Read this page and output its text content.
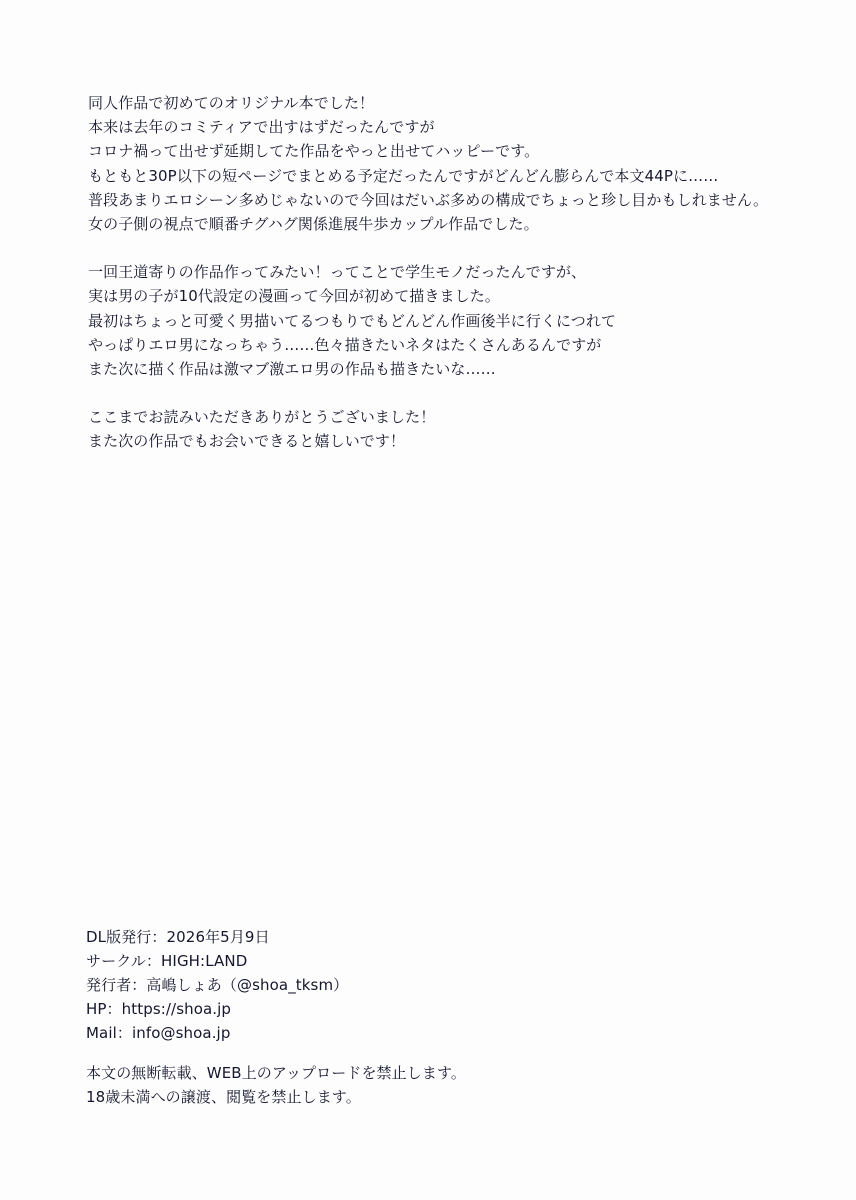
同人作品で初めてのオリジナル本でした！
本来は去年のコミティアで出すはずだったんですが
コロナ禍って出せず延期してた作品をやっと出せてハッピーです。
もともと30P以下の短ページでまとめる予定だったんですがどんどん膨らんで本文44Pに……
普段あまりエロシーン多めじゃないので今回はだいぶ多めの構成でちょっと珍し目かもしれません。
女の子側の視点で順番チグハグ関係進展牛歩カップル作品でした。

一回王道寄りの作品作ってみたい！ってことで学生モノだったんですが、
実は男の子が10代設定の漫画って今回が初めて描きました。
最初はちょっと可愛く男描いてるつもりでもどんどん作画後半に行くにつれて
やっぱりエロ男になっちゃう……色々描きたいネタはたくさんあるんですが
また次に描く作品は激マブ激エロ男の作品も描きたいな……

ここまでお読みいただきありがとうございました！
また次の作品でもお会いできると嬉しいです！

DL版発行：2026年5月9日
サークル：HIGH:LAND
発行者：高嶋しょあ（@shoa_tksm）
HP：https://shoa.jp
Mail：info@shoa.jp
本文の無断転載、WEB上のアップロードを禁止します。
18歳未満への譲渡、閲覧を禁止します。
